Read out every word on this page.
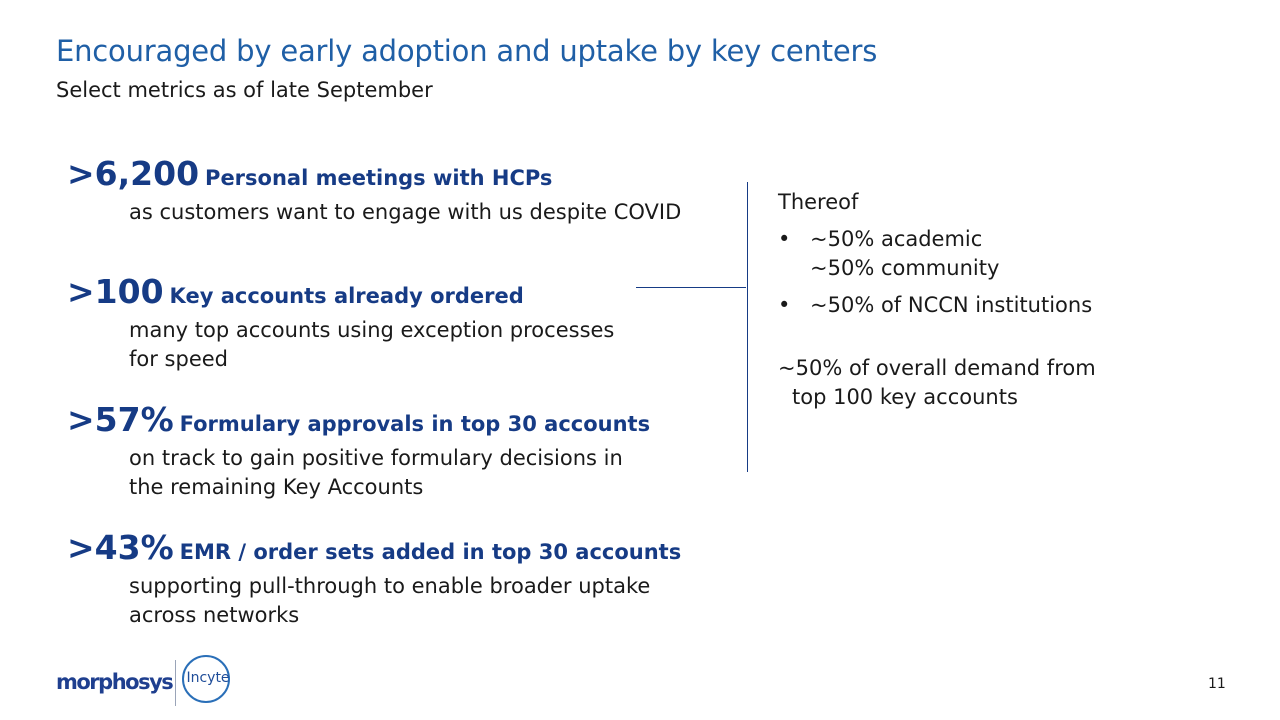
Encouraged by early adoption and uptake by key centers
Select metrics as of late September
>6,200 Personal meetings with HCPs
as customers want to engage with us despite COVID
>100 Key accounts already ordered
many top accounts using exception processes for speed
>57% Formulary approvals in top 30 accounts
on track to gain positive formulary decisions in the remaining Key Accounts
>43% EMR / order sets added in top 30 accounts
supporting pull-through to enable broader uptake across networks
Thereof
• ~50% academic
~50% community
• ~50% of NCCN institutions
~50% of overall demand from
top 100 key accounts
morphosys	Incyte	11
